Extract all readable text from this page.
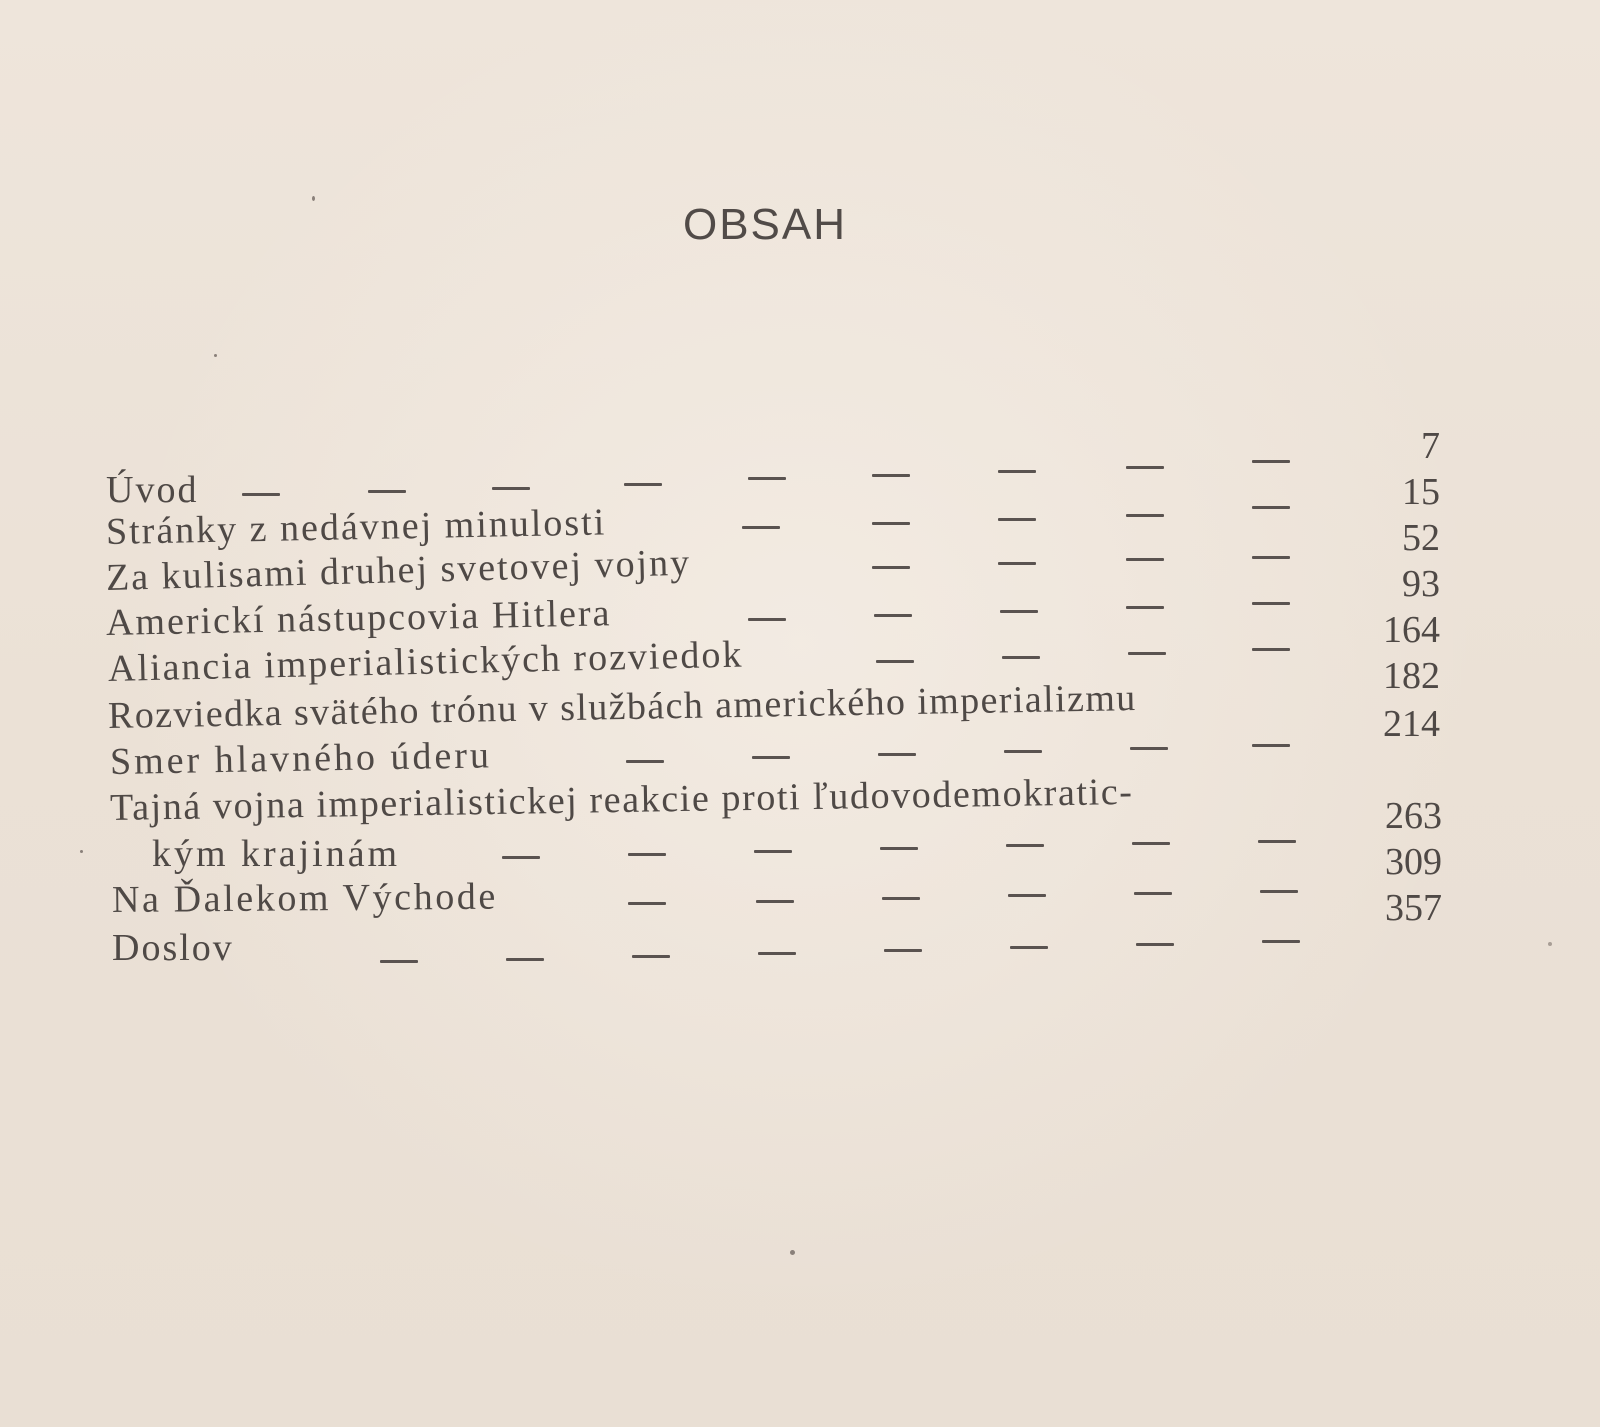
OBSAH
Úvod
Stránky z nedávnej minulosti
Za kulisami druhej svetovej vojny
Americkí nástupcovia Hitlera
Aliancia imperialistických rozviedok
Rozviedka svätého trónu v službách amerického imperializmu
Smer hlavného úderu
Tajná vojna imperialistickej reakcie proti ľudovodemokratic-
kým krajinám
Na Ďalekom Východe
Doslov
7
15
52
93
164
182
214
263
309
357
